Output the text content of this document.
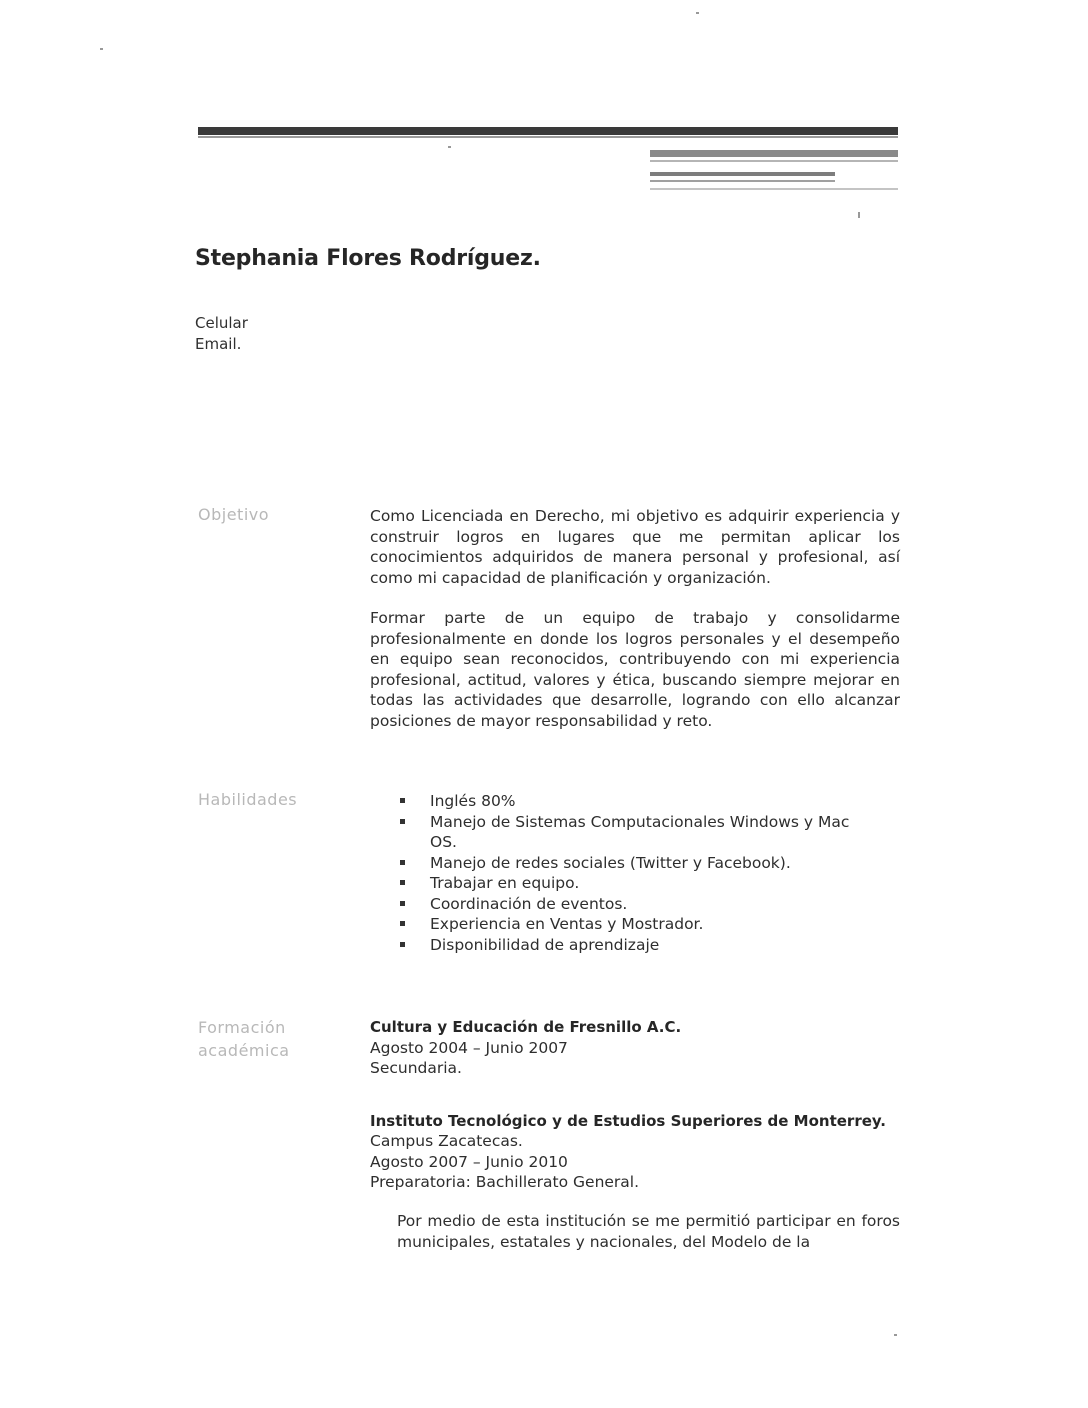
Stephania Flores Rodríguez.
Celular
Email.
Objetivo	Como Licenciada en Derecho, mi objetivo es adquirir experiencia y construir logros en lugares que me permitan aplicar los conocimientos adquiridos de manera personal y profesional, así como mi capacidad de planificación y organización.

Formar parte de un equipo de trabajo y consolidarme profesionalmente en donde los logros personales y el desempeño en equipo sean reconocidos, contribuyendo con mi experiencia profesional, actitud, valores y ética, buscando siempre mejorar en todas las actividades que desarrolle, logrando con ello alcanzar posiciones de mayor responsabilidad y reto.

Habilidades	Inglés 80%
Manejo de Sistemas Computacionales Windows y Mac OS.
Manejo de redes sociales (Twitter y Facebook).
Trabajar en equipo.
Coordinación de eventos.
Experiencia en Ventas y Mostrador.
Disponibilidad de aprendizaje
Formación
académica
Cultura y Educación de Fresnillo A.C.
Agosto 2004 – Junio 2007
Secundaria.
Instituto Tecnológico y de Estudios Superiores de Monterrey.
Campus Zacatecas.
Agosto 2007 – Junio 2010
Preparatoria: Bachillerato General.
Por medio de esta institución se me permitió participar en foros municipales, estatales y nacionales, del Modelo de la
